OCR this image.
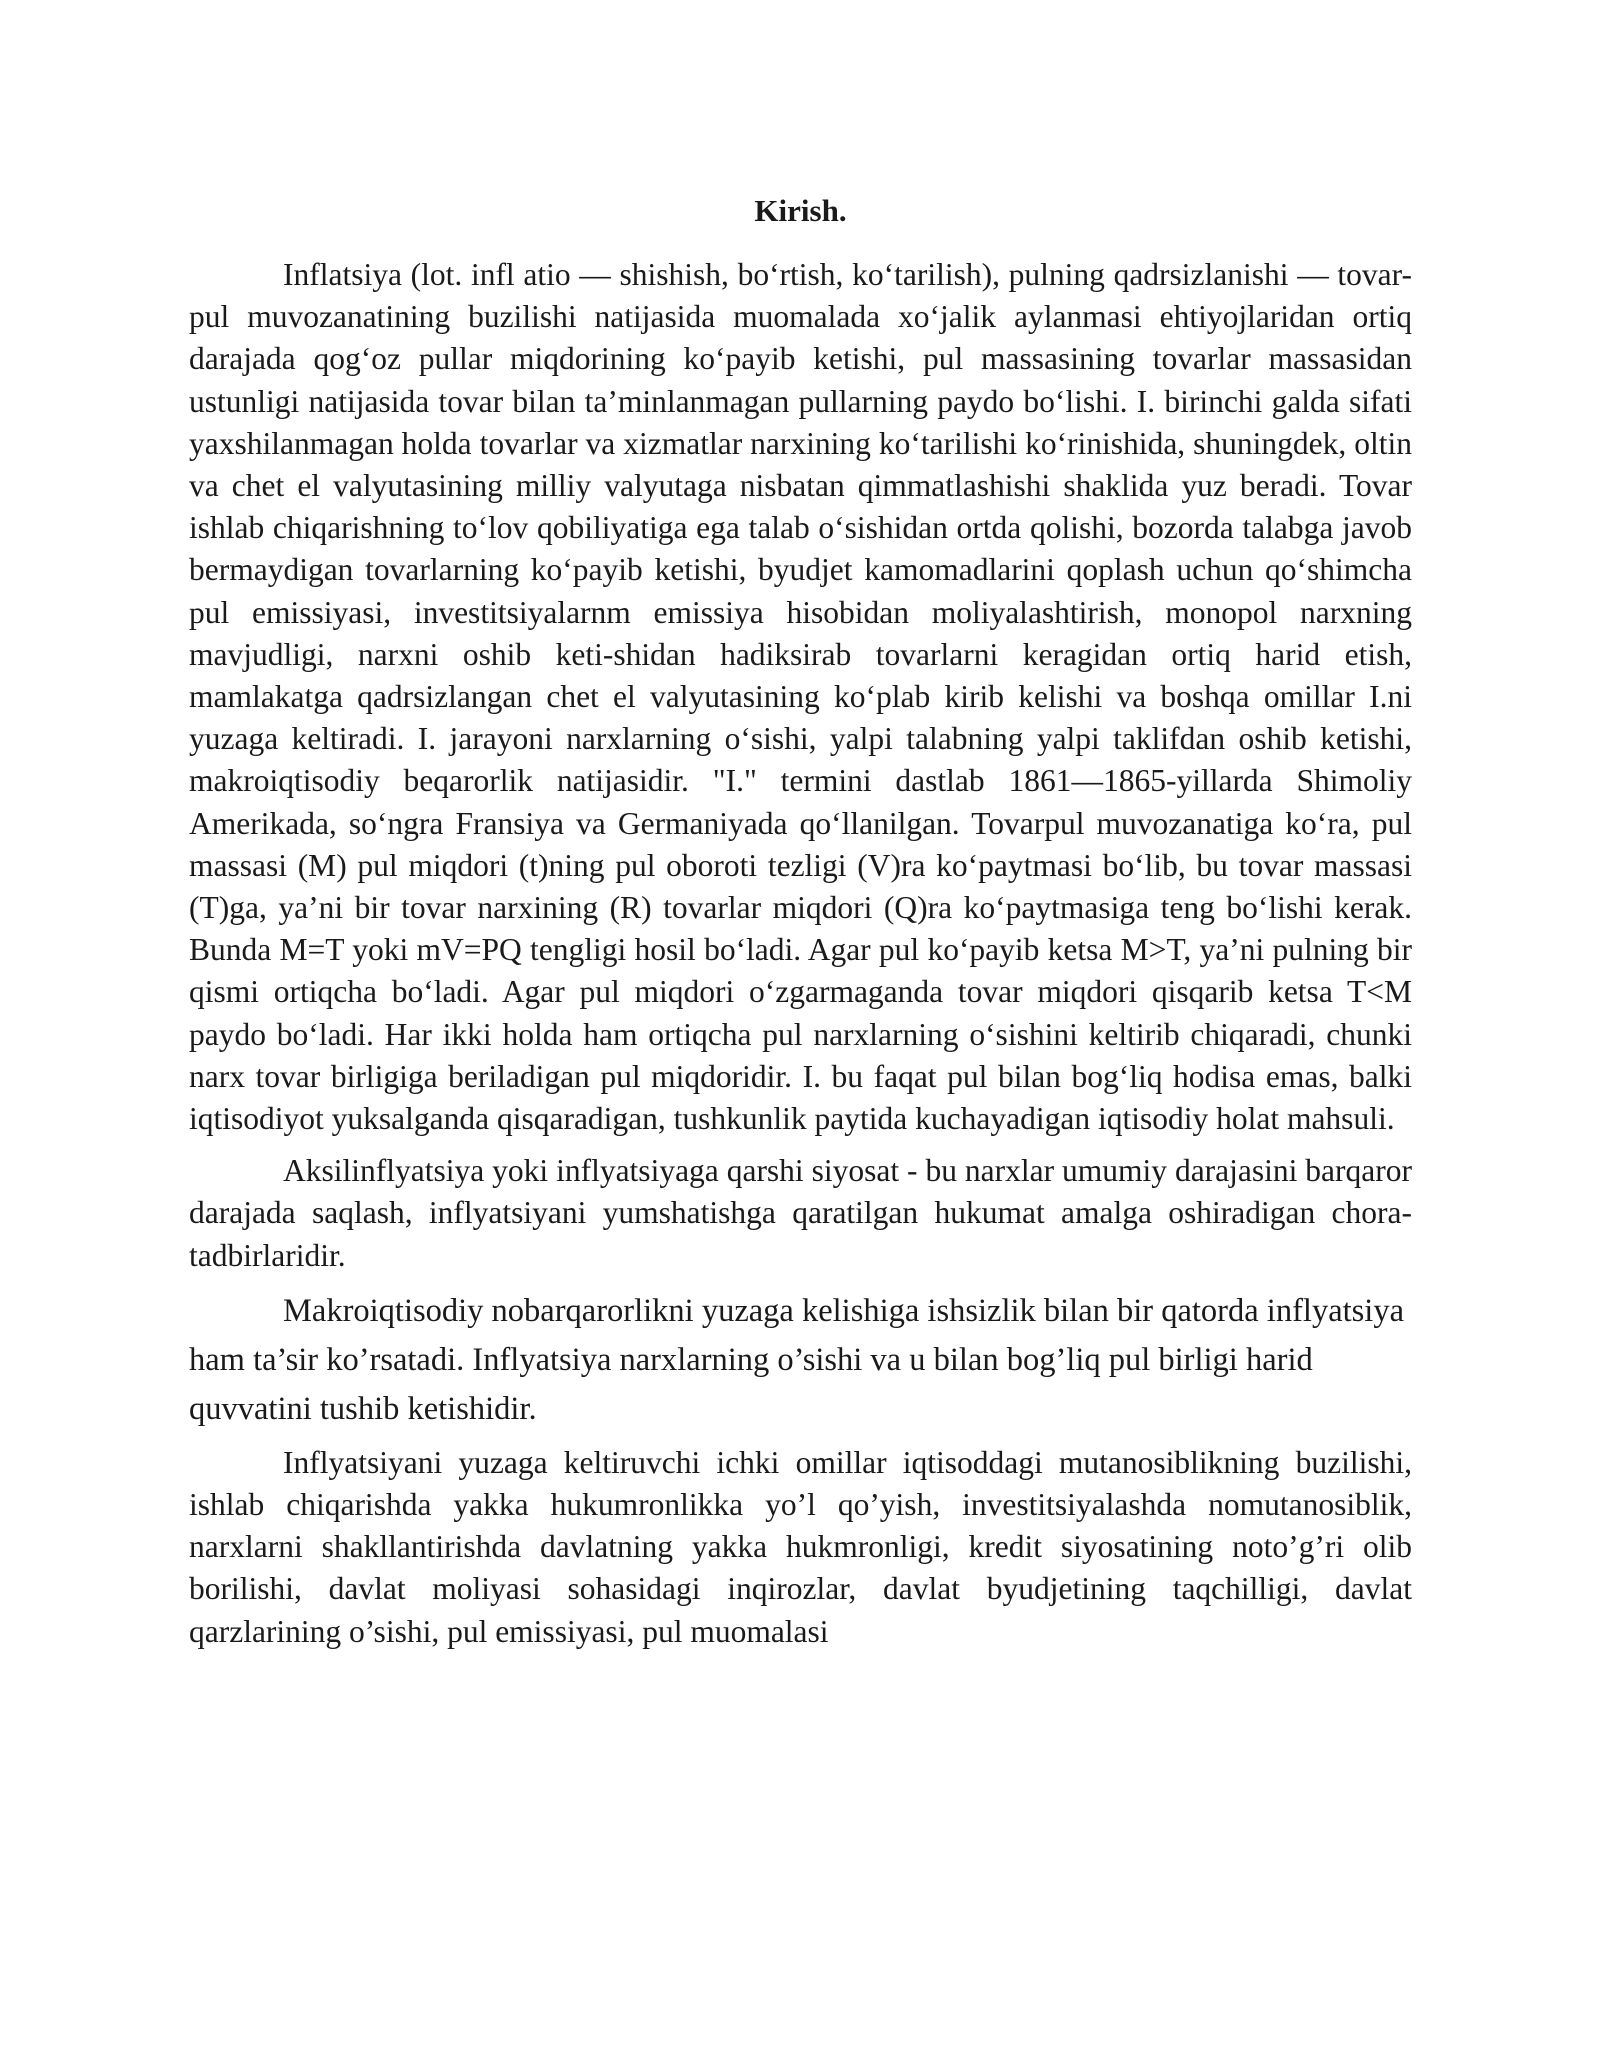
Kirish.

Inflatsiya (lot. infl atio — shishish, bo‘rtish, ko‘tarilish), pulning qadrsizlanishi — tovar-pul muvozanatining buzilishi natijasida muomalada xo‘jalik aylanmasi ehtiyojlaridan ortiq darajada qog‘oz pullar miqdorining ko‘payib ketishi, pul massasining tovarlar massasidan ustunligi natijasida tovar bilan ta’minlanmagan pullarning paydo bo‘lishi. I. birinchi galda sifati yaxshilanmagan holda tovarlar va xizmatlar narxining ko‘tarilishi ko‘rinishida, shuningdek, oltin va chet el valyutasining milliy valyutaga nisbatan qimmatlashishi shaklida yuz beradi. Tovar ishlab chiqarishning to‘lov qobiliyatiga ega talab o‘sishidan ortda qolishi, bozorda talabga javob bermaydigan tovarlarning ko‘payib ketishi, byudjet kamomadlarini qoplash uchun qo‘shimcha pul emissiyasi, investitsiyalarnm emissiya hisobidan moliyalashtirish, monopol narxning mavjudligi, narxni oshib keti-shidan hadiksirab tovarlarni keragidan ortiq harid etish, mamlakatga qadrsizlangan chet el valyutasining ko‘plab kirib kelishi va boshqa omillar I.ni yuzaga keltiradi. I. jarayoni narxlarning o‘sishi, yalpi talabning yalpi taklifdan oshib ketishi, makroiqtisodiy beqarorlik natijasidir. "I." termini dastlab 1861—1865-yillarda Shimoliy Amerikada, so‘ngra Fransiya va Germaniyada qo‘llanilgan. Tovarpul muvozanatiga ko‘ra, pul massasi (M) pul miqdori (t)ning pul oboroti tezligi (V)ra ko‘paytmasi bo‘lib, bu tovar massasi (T)ga, ya’ni bir tovar narxining (R) tovarlar miqdori (Q)ra ko‘paytmasiga teng bo‘lishi kerak. Bunda M=T yoki mV=PQ tengligi hosil bo‘ladi. Agar pul ko‘payib ketsa M>T, ya’ni pulning bir qismi ortiqcha bo‘ladi. Agar pul miqdori o‘zgarmaganda tovar miqdori qisqarib ketsa T<M paydo bo‘ladi. Har ikki holda ham ortiqcha pul narxlarning o‘sishini keltirib chiqaradi, chunki narx tovar birligiga beriladigan pul miqdoridir. I. bu faqat pul bilan bog‘liq hodisa emas, balki iqtisodiyot yuksalganda qisqaradigan, tushkunlik paytida kuchayadigan iqtisodiy holat mahsuli.

Aksilinflyatsiya yoki inflyatsiyaga qarshi siyosat - bu narxlar umumiy darajasini barqaror darajada saqlash, inflyatsiyani yumshatishga qaratilgan hukumat amalga oshiradigan chora-tadbirlaridir.

Makroiqtisodiy nobarqarorlikni yuzaga kelishiga ishsizlik bilan bir qatorda inflyatsiya ham ta’sir ko’rsatadi. Inflyatsiya narxlarning o’sishi va u bilan bog’liq pul birligi harid quvvatini tushib ketishidir.

Inflyatsiyani yuzaga keltiruvchi ichki omillar iqtisoddagi mutanosiblikning buzilishi, ishlab chiqarishda yakka hukumronlikka yo’l qo’yish, investitsiyalashda nomutanosiblik, narxlarni shakllantirishda davlatning yakka hukmronligi, kredit siyosatining noto’g’ri olib borilishi, davlat moliyasi sohasidagi inqirozlar, davlat byudjetining taqchilligi, davlat qarzlarining o’sishi, pul emissiyasi, pul muomalasi
